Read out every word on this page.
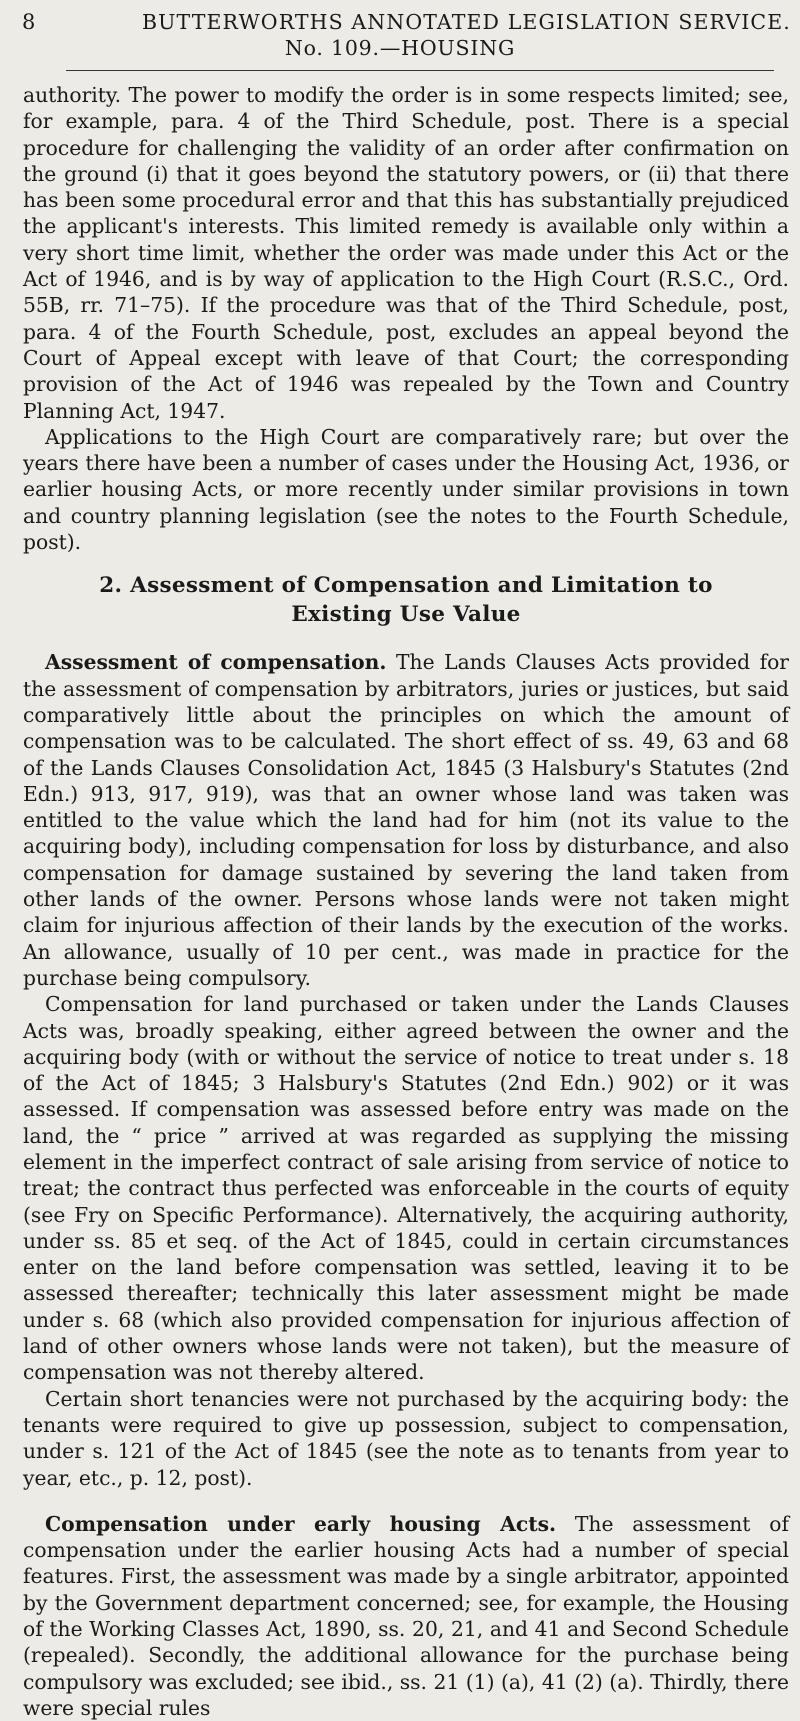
8	BUTTERWORTHS ANNOTATED LEGISLATION SERVICE.
No. 109.—HOUSING

authority. The power to modify the order is in some respects limited; see, for example, para. 4 of the Third Schedule, post. There is a special procedure for challenging the validity of an order after confirmation on the ground (i) that it goes beyond the statutory powers, or (ii) that there has been some procedural error and that this has substantially prejudiced the applicant's interests. This limited remedy is available only within a very short time limit, whether the order was made under this Act or the Act of 1946, and is by way of application to the High Court (R.S.C., Ord. 55B, rr. 71–75). If the procedure was that of the Third Schedule, post, para. 4 of the Fourth Schedule, post, excludes an appeal beyond the Court of Appeal except with leave of that Court; the corresponding provision of the Act of 1946 was repealed by the Town and Country Planning Act, 1947.

Applications to the High Court are comparatively rare; but over the years there have been a number of cases under the Housing Act, 1936, or earlier housing Acts, or more recently under similar provisions in town and country planning legislation (see the notes to the Fourth Schedule, post).

2. Assessment of Compensation and Limitation to
Existing Use Value

Assessment of compensation. The Lands Clauses Acts provided for the assessment of compensation by arbitrators, juries or justices, but said comparatively little about the principles on which the amount of compensation was to be calculated. The short effect of ss. 49, 63 and 68 of the Lands Clauses Consolidation Act, 1845 (3 Halsbury's Statutes (2nd Edn.) 913, 917, 919), was that an owner whose land was taken was entitled to the value which the land had for him (not its value to the acquiring body), including compensation for loss by disturbance, and also compensation for damage sustained by severing the land taken from other lands of the owner. Persons whose lands were not taken might claim for injurious affection of their lands by the execution of the works. An allowance, usually of 10 per cent., was made in practice for the purchase being compulsory.

Compensation for land purchased or taken under the Lands Clauses Acts was, broadly speaking, either agreed between the owner and the acquiring body (with or without the service of notice to treat under s. 18 of the Act of 1845; 3 Halsbury's Statutes (2nd Edn.) 902) or it was assessed. If compensation was assessed before entry was made on the land, the “ price ” arrived at was regarded as supplying the missing element in the imperfect contract of sale arising from service of notice to treat; the contract thus perfected was enforceable in the courts of equity (see Fry on Specific Performance). Alternatively, the acquiring authority, under ss. 85 et seq. of the Act of 1845, could in certain circumstances enter on the land before compensation was settled, leaving it to be assessed thereafter; technically this later assessment might be made under s. 68 (which also provided compensation for injurious affection of land of other owners whose lands were not taken), but the measure of compensation was not thereby altered.

Certain short tenancies were not purchased by the acquiring body: the tenants were required to give up possession, subject to compensation, under s. 121 of the Act of 1845 (see the note as to tenants from year to year, etc., p. 12, post).

Compensation under early housing Acts. The assessment of compensation under the earlier housing Acts had a number of special features. First, the assessment was made by a single arbitrator, appointed by the Government department concerned; see, for example, the Housing of the Working Classes Act, 1890, ss. 20, 21, and 41 and Second Schedule (repealed). Secondly, the additional allowance for the purchase being compulsory was excluded; see ibid., ss. 21 (1) (a), 41 (2) (a). Thirdly, there were special rules
